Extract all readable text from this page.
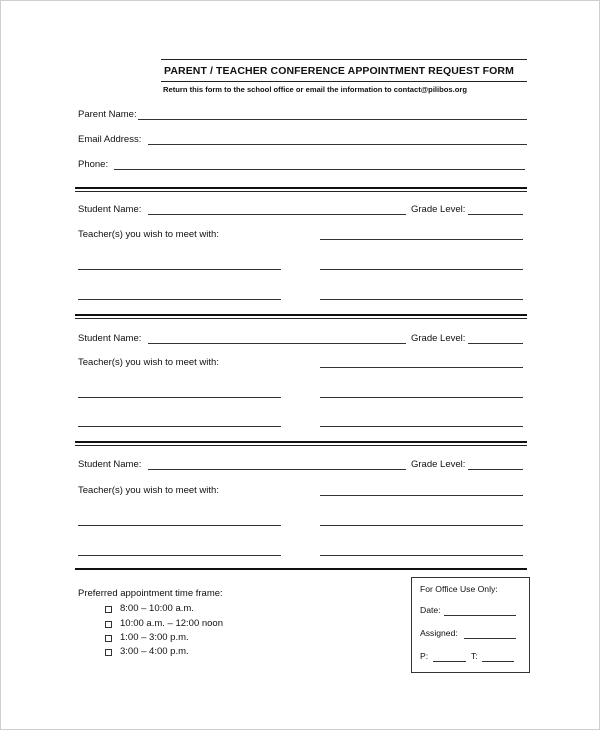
PARENT / TEACHER CONFERENCE APPOINTMENT REQUEST FORM
Return this form to the school office or email the information to contact@pilibos.org
Parent Name:
Email Address:
Phone:
Student Name:	Grade Level:
Teacher(s) you wish to meet with:
Student Name:	Grade Level:
Teacher(s) you wish to meet with:
Student Name:	Grade Level:
Teacher(s) you wish to meet with:
Preferred appointment time frame:
8:00 – 10:00 a.m.
10:00 a.m. – 12:00 noon
1:00 – 3:00 p.m.
3:00 – 4:00 p.m.
For Office Use Only:
Date:
Assigned:
P:	T:
